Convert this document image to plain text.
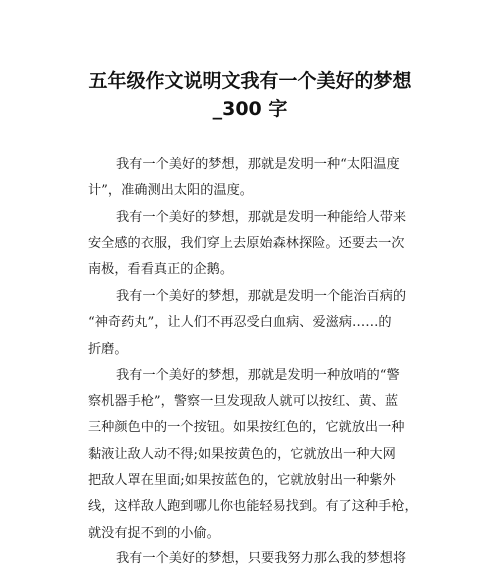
五年级作文说明文我有一个美好的梦想
_300 字
我有一个美好的梦想，那就是发明一种“太阳温度
计”，准确测出太阳的温度。
我有一个美好的梦想，那就是发明一种能给人带来
安全感的衣服，我们穿上去原始森林探险。还要去一次
南极，看看真正的企鹅。
我有一个美好的梦想，那就是发明一个能治百病的
“神奇药丸”，让人们不再忍受白血病、爱滋病……的
折磨。
我有一个美好的梦想，那就是发明一种放哨的“警
察机器手枪”，警察一旦发现敌人就可以按红、黄、蓝
三种颜色中的一个按钮。如果按红色的，它就放出一种
黏液让敌人动不得;如果按黄色的，它就放出一种大网
把敌人罩在里面;如果按蓝色的，它就放射出一种紫外
线，这样敌人跑到哪儿你也能轻易找到。有了这种手枪，
就没有捉不到的小偷。
我有一个美好的梦想，只要我努力那么我的梦想将
